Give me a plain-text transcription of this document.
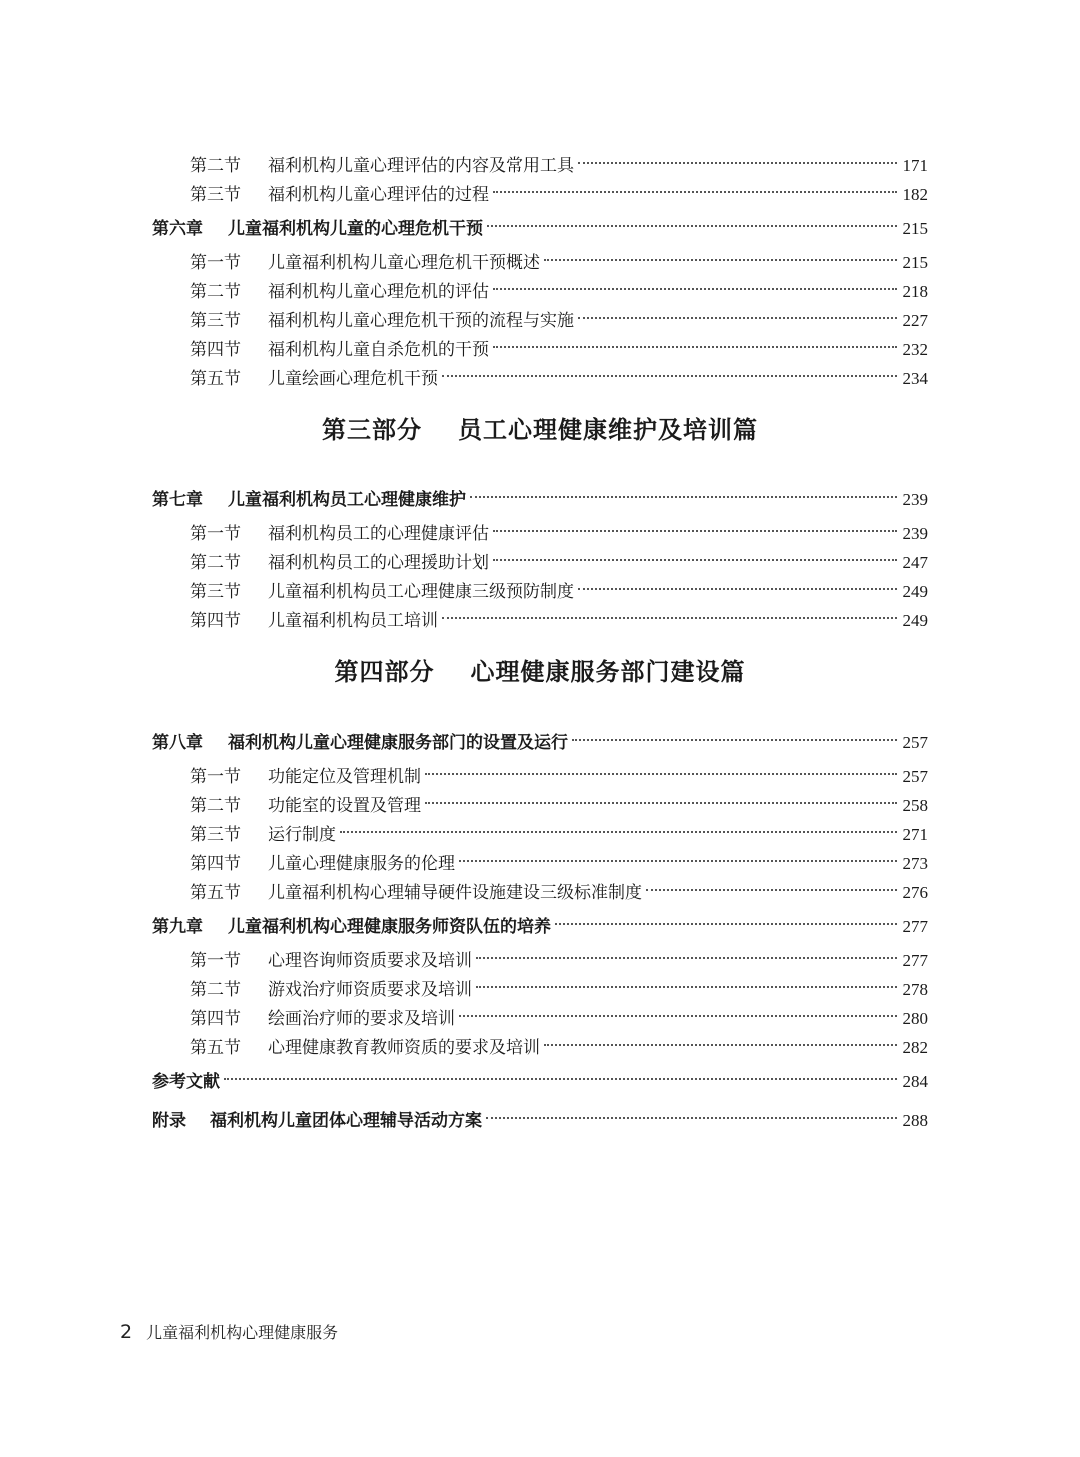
第二节	福利机构儿童心理评估的内容及常用工具	171
第三节	福利机构儿童心理评估的过程	182
第六章	儿童福利机构儿童的心理危机干预	215
第一节	儿童福利机构儿童心理危机干预概述	215
第二节	福利机构儿童心理危机的评估	218
第三节	福利机构儿童心理危机干预的流程与实施	227
第四节	福利机构儿童自杀危机的干预	232
第五节	儿童绘画心理危机干预	234
第三部分 员工心理健康维护及培训篇
第七章	儿童福利机构员工心理健康维护	239
第一节	福利机构员工的心理健康评估	239
第二节	福利机构员工的心理援助计划	247
第三节	儿童福利机构员工心理健康三级预防制度	249
第四节	儿童福利机构员工培训	249
第四部分 心理健康服务部门建设篇
第八章	福利机构儿童心理健康服务部门的设置及运行	257
第一节	功能定位及管理机制	257
第二节	功能室的设置及管理	258
第三节	运行制度	271
第四节	儿童心理健康服务的伦理	273
第五节	儿童福利机构心理辅导硬件设施建设三级标准制度	276
第九章	儿童福利机构心理健康服务师资队伍的培养	277
第一节	心理咨询师资质要求及培训	277
第二节	游戏治疗师资质要求及培训	278
第四节	绘画治疗师的要求及培训	280
第五节	心理健康教育教师资质的要求及培训	282
参考文献	284
附录	福利机构儿童团体心理辅导活动方案	288
2 儿童福利机构心理健康服务
